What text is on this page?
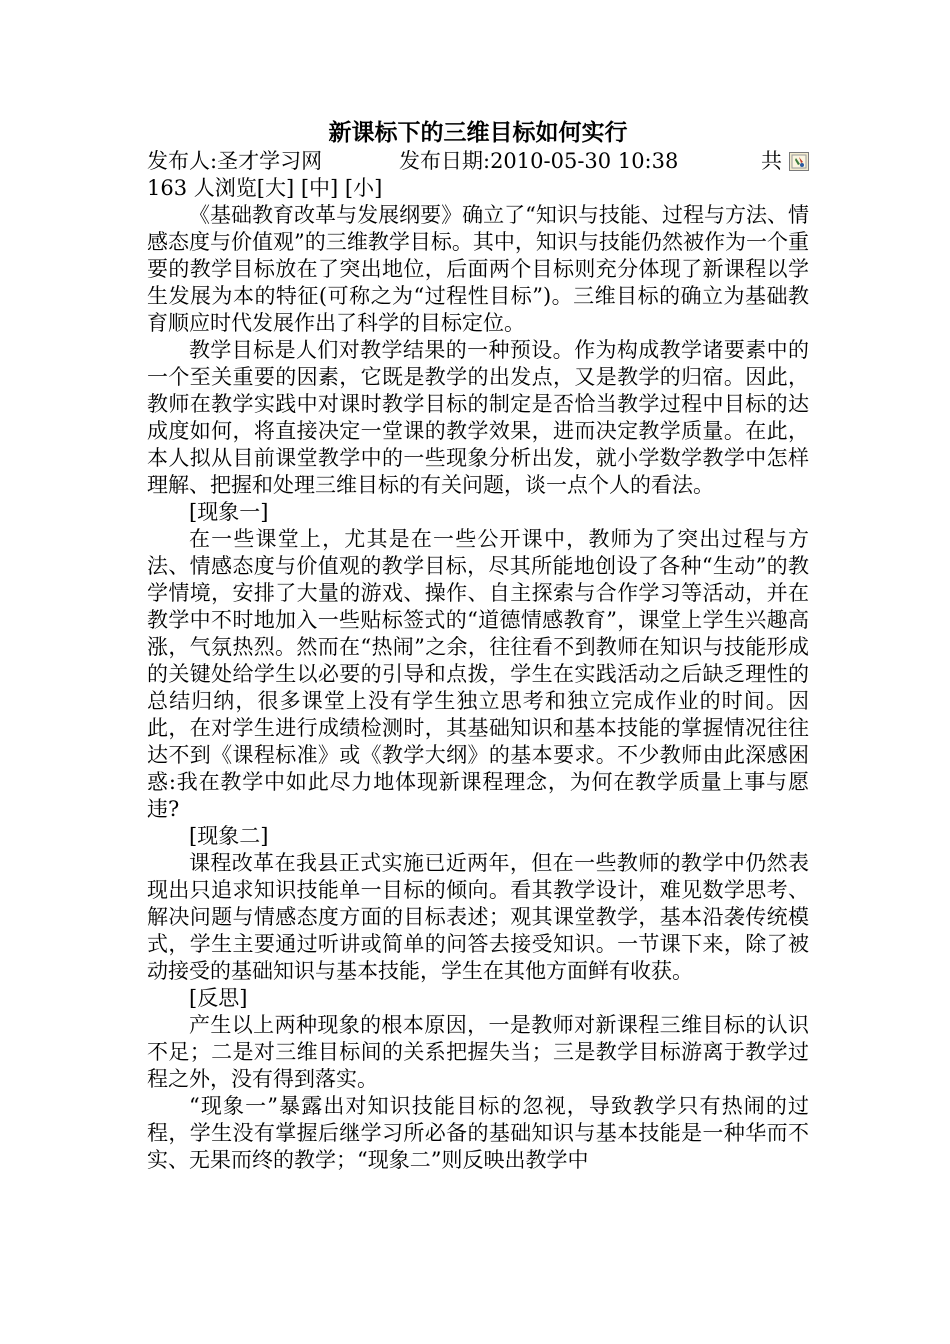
新课标下的三维目标如何实行
发布人:圣才学习网	发布日期:2010-05-30 10:38	共
163 人浏览[大] [中] [小]

《基础教育改革与发展纲要》确立了“知识与技能、过程与方法、情感态度与价值观”的三维教学目标。其中，知识与技能仍然被作为一个重要的教学目标放在了突出地位，后面两个目标则充分体现了新课程以学生发展为本的特征(可称之为“过程性目标”)。三维目标的确立为基础教育顺应时代发展作出了科学的目标定位。

教学目标是人们对教学结果的一种预设。作为构成教学诸要素中的一个至关重要的因素，它既是教学的出发点，又是教学的归宿。因此，教师在教学实践中对课时教学目标的制定是否恰当教学过程中目标的达成度如何，将直接决定一堂课的教学效果，进而决定教学质量。在此，本人拟从目前课堂教学中的一些现象分析出发，就小学数学教学中怎样理解、把握和处理三维目标的有关问题，谈一点个人的看法。

[现象一]

在一些课堂上，尤其是在一些公开课中，教师为了突出过程与方法、情感态度与价值观的教学目标，尽其所能地创设了各种“生动”的教学情境，安排了大量的游戏、操作、自主探索与合作学习等活动，并在教学中不时地加入一些贴标签式的“道德情感教育”，课堂上学生兴趣高涨，气氛热烈。然而在“热闹”之余，往往看不到教师在知识与技能形成的关键处给学生以必要的引导和点拨，学生在实践活动之后缺乏理性的总结归纳，很多课堂上没有学生独立思考和独立完成作业的时间。因此，在对学生进行成绩检测时，其基础知识和基本技能的掌握情况往往达不到《课程标准》或《教学大纲》的基本要求。不少教师由此深感困惑:我在教学中如此尽力地体现新课程理念，为何在教学质量上事与愿违?

[现象二]

课程改革在我县正式实施已近两年，但在一些教师的教学中仍然表现出只追求知识技能单一目标的倾向。看其教学设计，难见数学思考、解决问题与情感态度方面的目标表述；观其课堂教学，基本沿袭传统模式，学生主要通过听讲或简单的问答去接受知识。一节课下来，除了被动接受的基础知识与基本技能，学生在其他方面鲜有收获。

[反思]

产生以上两种现象的根本原因，一是教师对新课程三维目标的认识不足；二是对三维目标间的关系把握失当；三是教学目标游离于教学过程之外，没有得到落实。

“现象一”暴露出对知识技能目标的忽视，导致教学只有热闹的过程，学生没有掌握后继学习所必备的基础知识与基本技能是一种华而不实、无果而终的教学；“现象二”则反映出教学中
